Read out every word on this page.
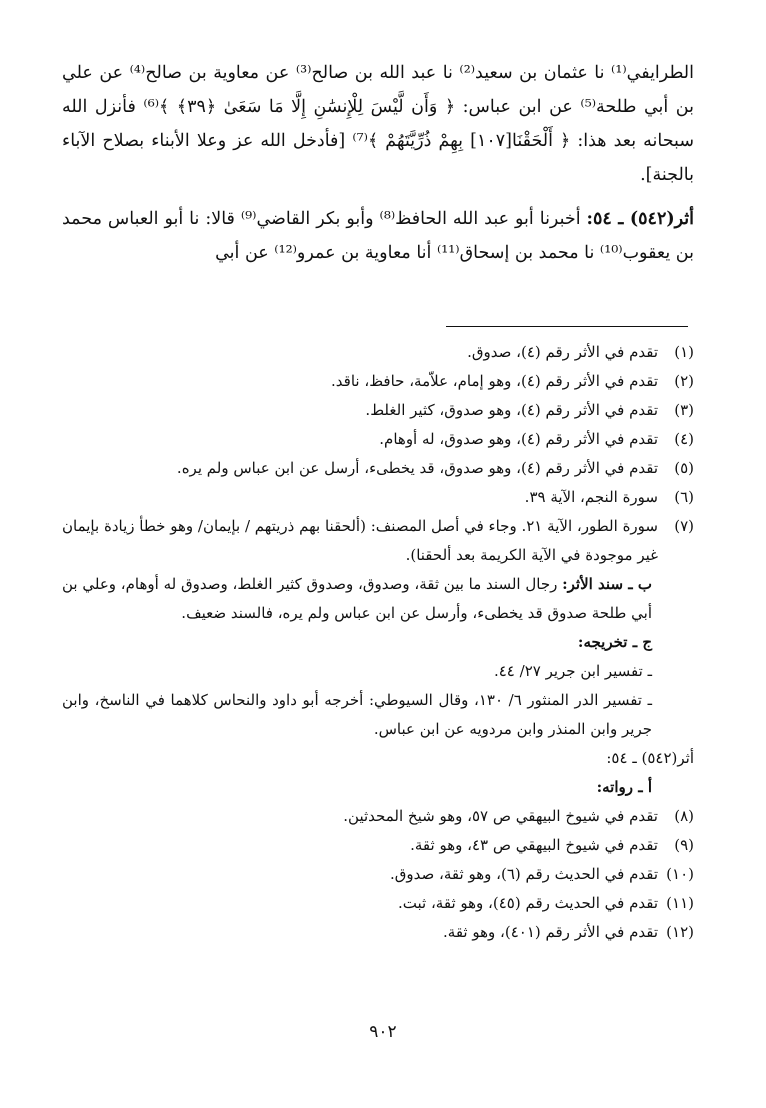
الطرايفي⁽¹⁾ نا عثمان بن سعيد⁽²⁾ نا عبد الله بن صالح⁽³⁾ عن معاوية بن صالح⁽⁴⁾ عن علي بن أبي طلحة⁽⁵⁾ عن ابن عباس: ﴿ وَأَن لَّيْسَ لِلْإِنسَٰنِ إِلَّا مَا سَعَىٰ ﴿٣٩﴾ ﴾⁽⁶⁾ فأنزل الله سبحانه بعد هذا: ﴿ أَلْحَقْنَا[١٠٧] بِهِمْ ذُرِّيَّتَهُمْ ﴾⁽⁷⁾ [فأدخل الله عز وعلا الأبناء بصلاح الآباء بالجنة].

أثر(٥٤٢) ـ ٥٤: أخبرنا أبو عبد الله الحافظ⁽⁸⁾ وأبو بكر القاضي⁽⁹⁾ قالا: نا أبو العباس محمد بن يعقوب⁽¹⁰⁾ نا محمد بن إسحاق⁽¹¹⁾ أنا معاوية بن عمرو⁽¹²⁾ عن أبي

(١)
تقدم في الأثر رقم (٤)، صدوق.
(٢)
تقدم في الأثر رقم (٤)، وهو إمام، علاّمة، حافظ، ناقد.
(٣)
تقدم في الأثر رقم (٤)، وهو صدوق، كثير الغلط.
(٤)
تقدم في الأثر رقم (٤)، وهو صدوق، له أوهام.
(٥)
تقدم في الأثر رقم (٤)، وهو صدوق، قد يخطىء، أرسل عن ابن عباس ولم يره.
(٦)
سورة النجم، الآية ٣٩.
(٧)
سورة الطور، الآية ٢١. وجاء في أصل المصنف: (ألحقنا بهم ذريتهم / بإيمان/ وهو خطأ زيادة بإيمان غير موجودة في الآية الكريمة بعد ألحقنا).
ب ـ سند الأثر: رجال السند ما بين ثقة، وصدوق، وصدوق كثير الغلط، وصدوق له أوهام، وعلي بن أبي طلحة صدوق قد يخطىء، وأرسل عن ابن عباس ولم يره، فالسند ضعيف.
ج ـ تخريجه:
ـ تفسير ابن جرير ٢٧/ ٤٤.
ـ تفسير الدر المنثور ٦/ ١٣٠، وقال السيوطي: أخرجه أبو داود والنحاس كلاهما في الناسخ، وابن جرير وابن المنذر وابن مردويه عن ابن عباس.
أثر(٥٤٢) ـ ٥٤:
أ ـ رواته:
(٨)
تقدم في شيوخ البيهقي ص ٥٧، وهو شيخ المحدثين.
(٩)
تقدم في شيوخ البيهقي ص ٤٣، وهو ثقة.
(١٠)
تقدم في الحديث رقم (٦)، وهو ثقة، صدوق.
(١١)
تقدم في الحديث رقم (٤٥)، وهو ثقة، ثبت.
(١٢)
تقدم في الأثر رقم (٤٠١)، وهو ثقة.
٩٠٢
